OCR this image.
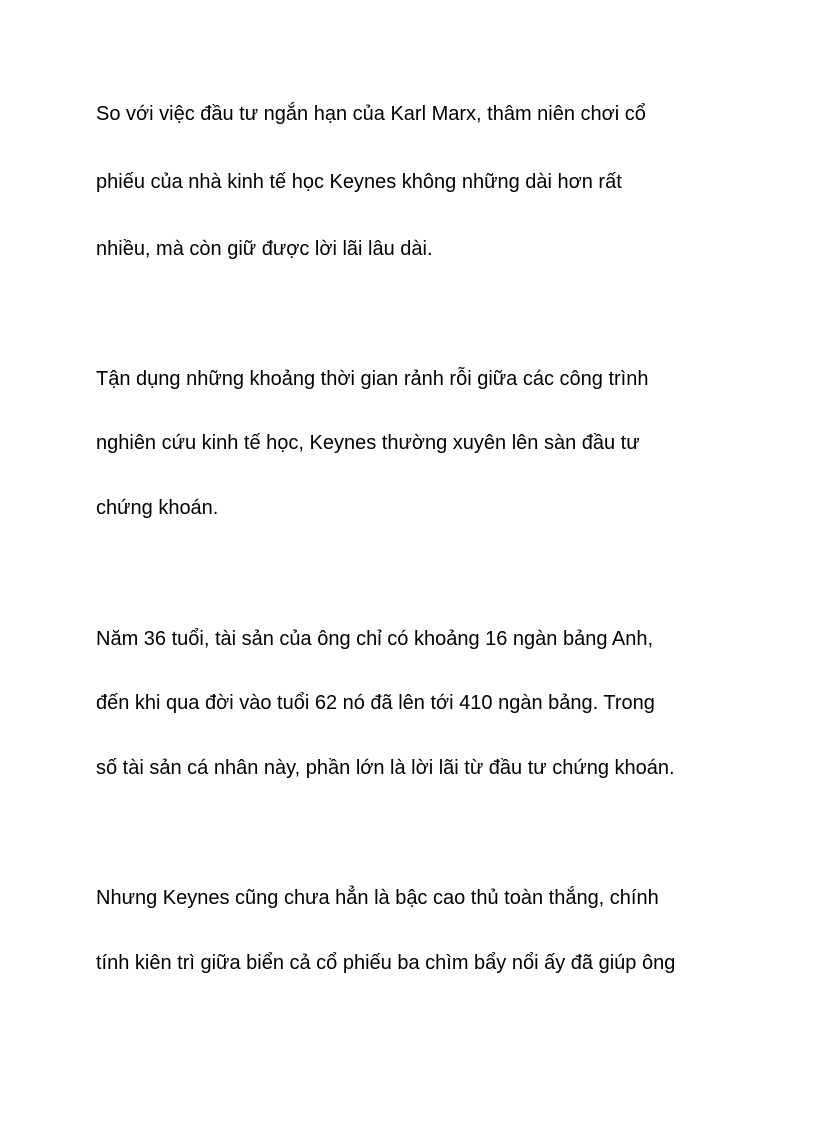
So với việc đầu tư ngắn hạn của Karl Marx, thâm niên chơi cổ

phiếu của nhà kinh tế học Keynes không những dài hơn rất

nhiều, mà còn giữ được lời lãi lâu dài.

Tận dụng những khoảng thời gian rảnh rỗi giữa các công trình

nghiên cứu kinh tế học, Keynes thường xuyên lên sàn đầu tư

chứng khoán.

Năm 36 tuổi, tài sản của ông chỉ có khoảng 16 ngàn bảng Anh,

đến khi qua đời vào tuổi 62 nó đã lên tới 410 ngàn bảng. Trong

số tài sản cá nhân này, phần lớn là lời lãi từ đầu tư chứng khoán.

Nhưng Keynes cũng chưa hẳn là bậc cao thủ toàn thắng, chính

tính kiên trì giữa biển cả cổ phiếu ba chìm bẩy nổi ấy đã giúp ông
